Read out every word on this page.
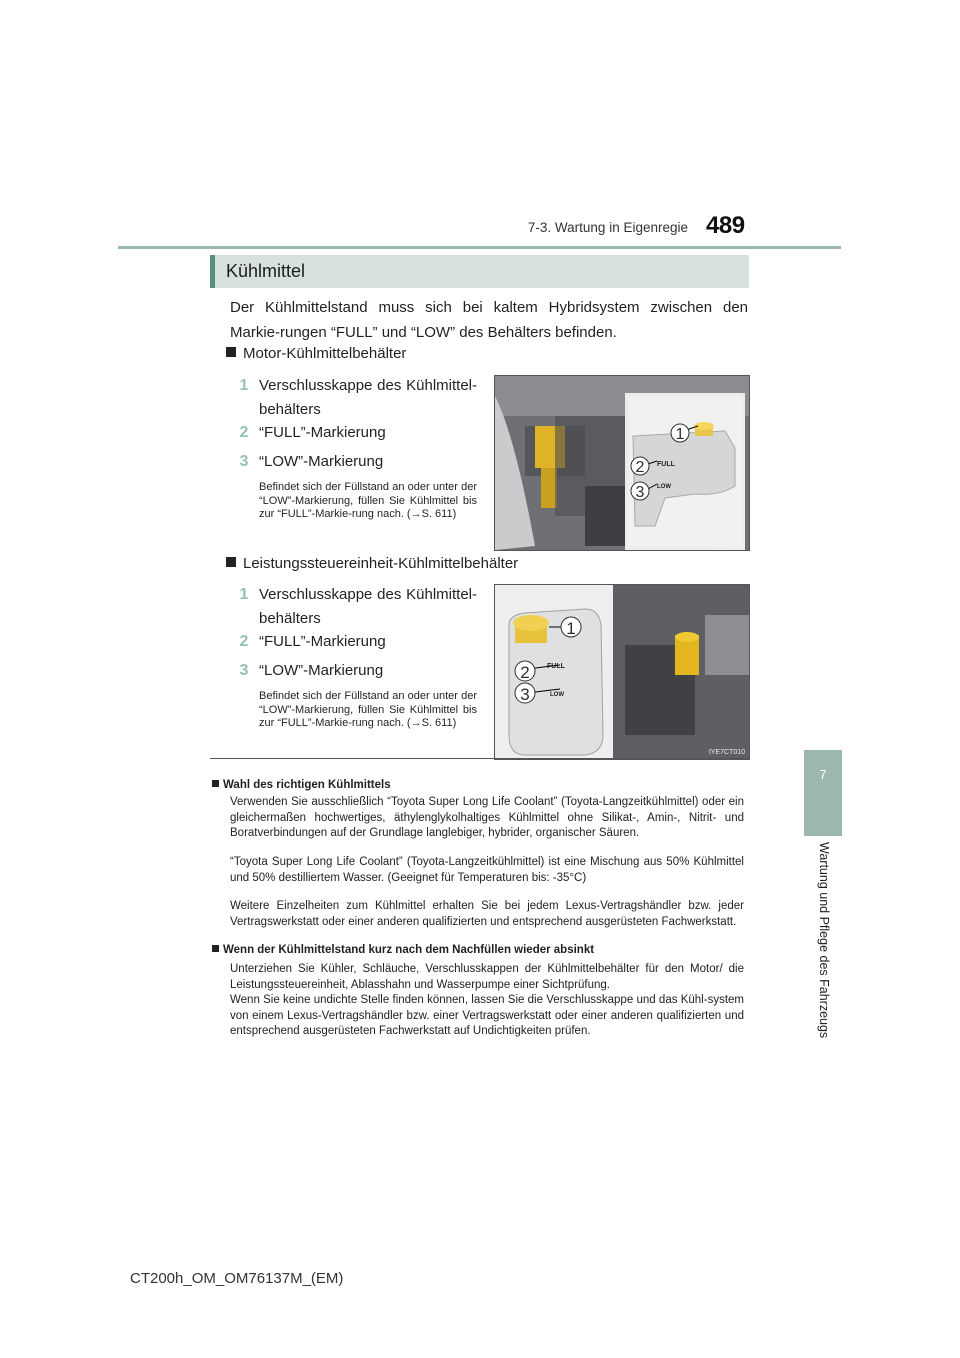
7-3. Wartung in Eigenregie 489
7
Wartung und Pflege des Fahrzeugs
Kühlmittel
Der Kühlmittelstand muss sich bei kaltem Hybridsystem zwischen den Markie-rungen “FULL” und “LOW” des Behälters befinden.
Motor-Kühlmittelbehälter
1 Verschlusskappe des Kühlmittel-behälters
2 “FULL”-Markierung
3 “LOW”-Markierung
Befindet sich der Füllstand an oder unter der “LOW”-Markierung, füllen Sie Kühlmittel bis zur “FULL”-Markie-rung nach. (→S. 611)
FULL
LOW
1
2
3
IYE7CT009
Leistungssteuereinheit-Kühlmittelbehälter
1 Verschlusskappe des Kühlmittel-behälters
2 “FULL”-Markierung
3 “LOW”-Markierung
Befindet sich der Füllstand an oder unter der “LOW”-Markierung, füllen Sie Kühlmittel bis zur “FULL”-Markie-rung nach. (→S. 611)
FULL
LOW
1
2
3
IYE7CT010
Wahl des richtigen Kühlmittels
Verwenden Sie ausschließlich “Toyota Super Long Life Coolant” (Toyota-Langzeitkühlmittel) oder ein gleichermaßen hochwertiges, äthylenglykolhaltiges Kühlmittel ohne Silikat-, Amin-, Nitrit- und Boratverbindungen auf der Grundlage langlebiger, hybrider, organischer Säuren.
“Toyota Super Long Life Coolant” (Toyota-Langzeitkühlmittel) ist eine Mischung aus 50% Kühlmittel und 50% destilliertem Wasser. (Geeignet für Temperaturen bis: -35°C)
Weitere Einzelheiten zum Kühlmittel erhalten Sie bei jedem Lexus-Vertragshändler bzw. jeder Vertragswerkstatt oder einer anderen qualifizierten und entsprechend ausgerüsteten Fachwerkstatt.
Wenn der Kühlmittelstand kurz nach dem Nachfüllen wieder absinkt
Unterziehen Sie Kühler, Schläuche, Verschlusskappen der Kühlmittelbehälter für den Motor/ die Leistungssteuereinheit, Ablasshahn und Wasserpumpe einer Sichtprüfung.
Wenn Sie keine undichte Stelle finden können, lassen Sie die Verschlusskappe und das Kühl-system von einem Lexus-Vertragshändler bzw. einer Vertragswerkstatt oder einer anderen qualifizierten und entsprechend ausgerüsteten Fachwerkstatt auf Undichtigkeiten prüfen.
CT200h_OM_OM76137M_(EM)
